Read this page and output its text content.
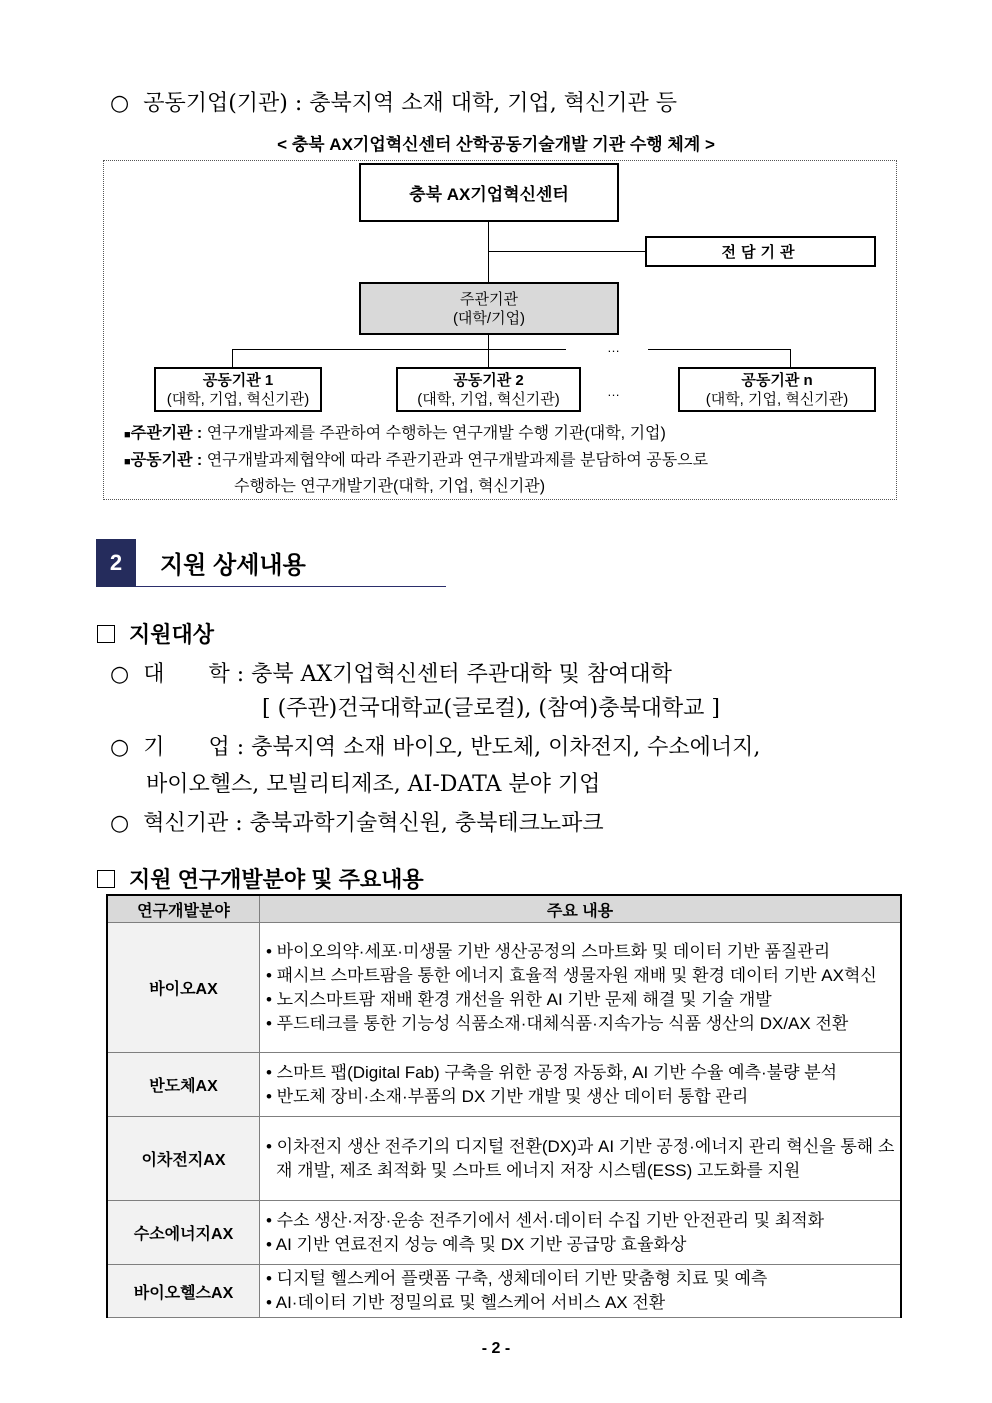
○ 공동기업(기관) : 충북지역 소재 대학, 기업, 혁신기관 등
< 충북 AX기업혁신센터 산학공동기술개발 기관 수행 체계 >
충북 AX기업혁신센터
전담기관
주관기관
(대학/기업)
…
…
공동기관 1
(대학, 기업, 혁신기관)
공동기관 2
(대학, 기업, 혁신기관)
공동기관 n
(대학, 기업, 혁신기관)
■주관기관 : 연구개발과제를 주관하여 수행하는 연구개발 수행 기관(대학, 기업)
■공동기관 : 연구개발과제협약에 따라 주관기관과 연구개발과제를 분담하여 공동으로
수행하는 연구개발기관(대학, 기업, 혁신기관)
2	지원 상세내용
지원대상
○ 대　　학 : 충북 AX기업혁신센터 주관대학 및 참여대학
[ (주관)건국대학교(글로컬), (참여)충북대학교 ]
○ 기　　업 : 충북지역 소재 바이오, 반도체, 이차전지, 수소에너지,
바이오헬스, 모빌리티제조, AI-DATA 분야 기업
○ 혁신기관 : 충북과학기술혁신원, 충북테크노파크
지원 연구개발분야 및 주요내용
연구개발분야	주요 내용
바이오AX	• 바이오의약·세포·미생물 기반 생산공정의 스마트화 및 데이터 기반 품질관리
• 패시브 스마트팜을 통한 에너지 효율적 생물자원 재배 및 환경 데이터 기반 AX혁신
• 노지스마트팜 재배 환경 개선을 위한 AI 기반 문제 해결 및 기술 개발
• 푸드테크를 통한 기능성 식품소재·대체식품·지속가능 식품 생산의 DX/AX 전환

반도체AX	• 스마트 팹(Digital Fab) 구축을 위한 공정 자동화, AI 기반 수율 예측·불량 분석
• 반도체 장비·소재·부품의 DX 기반 개발 및 생산 데이터 통합 관리

이차전지AX	• 이차전지 생산 전주기의 디지털 전환(DX)과 AI 기반 공정·에너지 관리 혁신을 통해 소재 개발, 제조 최적화 및 스마트 에너지 저장 시스템(ESS) 고도화를 지원

수소에너지AX	• 수소 생산·저장·운송 전주기에서 센서·데이터 수집 기반 안전관리 및 최적화
• AI 기반 연료전지 성능 예측 및 DX 기반 공급망 효율화상

바이오헬스AX	• 디지털 헬스케어 플랫폼 구축, 생체데이터 기반 맞춤형 치료 및 예측
• AI·데이터 기반 정밀의료 및 헬스케어 서비스 AX 전환
- 2 -
